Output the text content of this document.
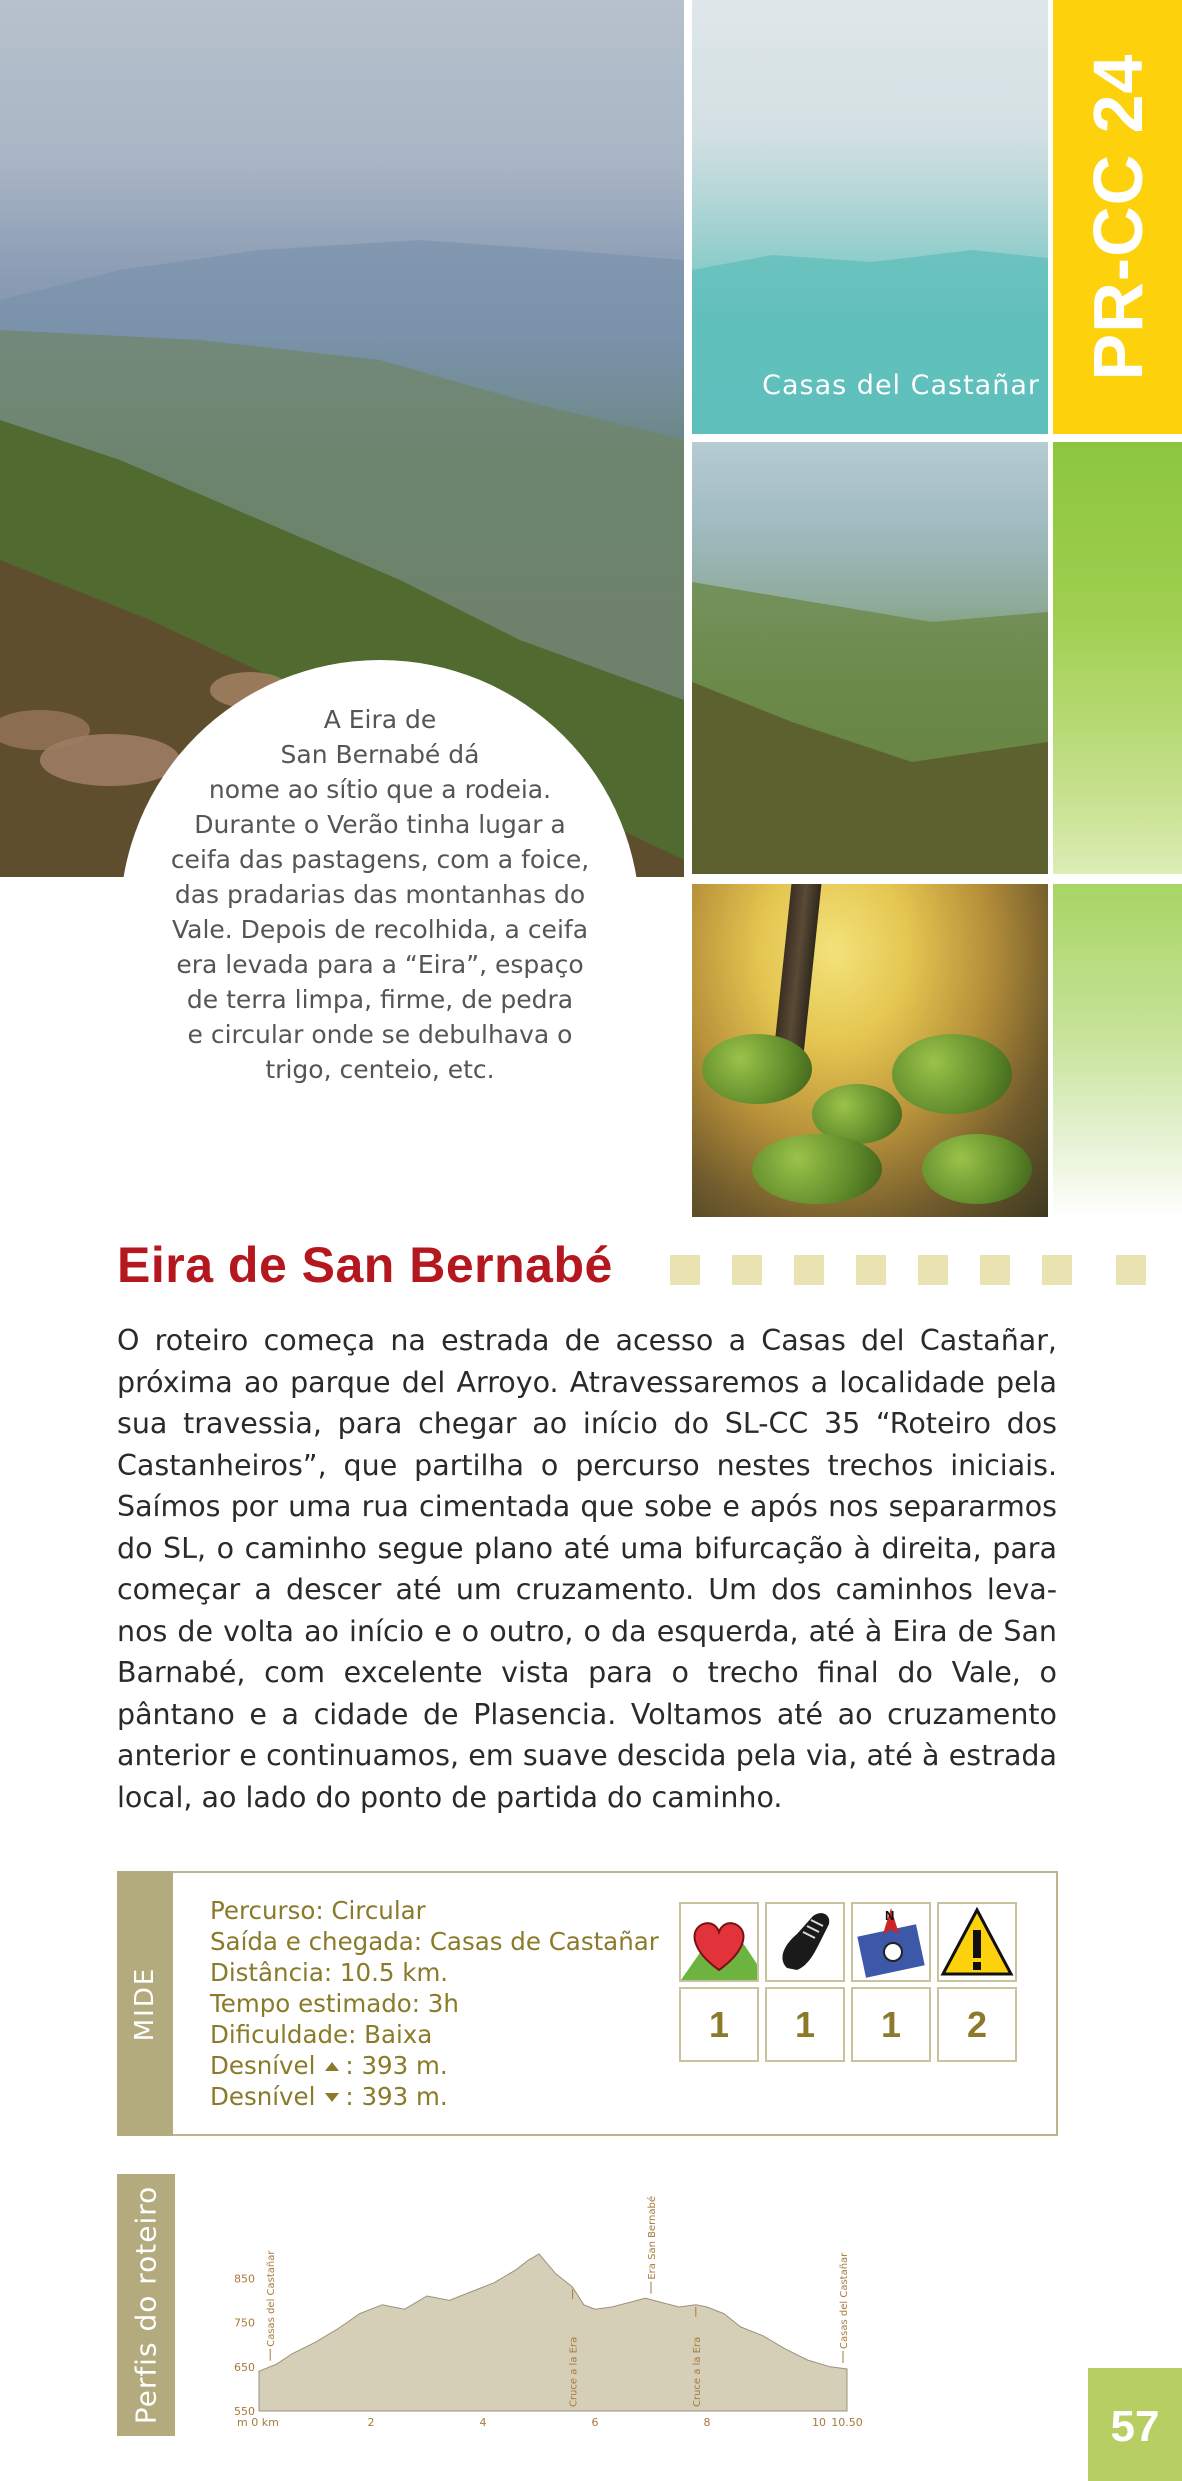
PR-CC 24
Casas del Castañar
A Eira de
San Bernabé dá
nome ao sítio que a rodeia.
Durante o Verão tinha lugar a
ceifa das pastagens, com a foice,
das pradarias das montanhas do
Vale. Depois de recolhida, a ceifa
era levada para a “Eira”, espaço
de terra limpa, firme, de pedra
e circular onde se debulhava o
trigo, centeio, etc.
Eira de San Bernabé
O roteiro começa na estrada de acesso a Casas del Castañar, próxima ao parque del Arroyo. Atravessaremos a localidade pela sua travessia, para chegar ao início do SL-CC 35 “Roteiro dos Castanheiros”, que partilha o percurso nestes trechos iniciais. Saímos por uma rua cimentada que sobe e após nos separarmos do SL, o caminho segue plano até uma bifurcação à direita, para começar a descer até um cruzamento. Um dos caminhos leva-nos de volta ao início e o outro, o da esquerda, até à Eira de San Barnabé, com excelente vista para o trecho final do Vale, o pântano e a cidade de Plasencia. Voltamos até ao cruzamento anterior e continuamos, em suave descida pela via, até à estrada local, ao lado do ponto de partida do caminho.
MIDE
Percurso: Circular
Saída e chegada: Casas de Castañar
Distância: 10.5 km.
Tempo estimado: 3h
Dificuldade: Baixa
Desnível : 393 m.
Desnível : 393 m.
N
1	1	1	2
Perfis do roteiro	550
650
750
850
m 0 km	2	4	6	8	10 10.50
Casas del Castañar
Cruce a la Era
Era San Bernabé
Cruce a la Era
Casas del Castañar
57
